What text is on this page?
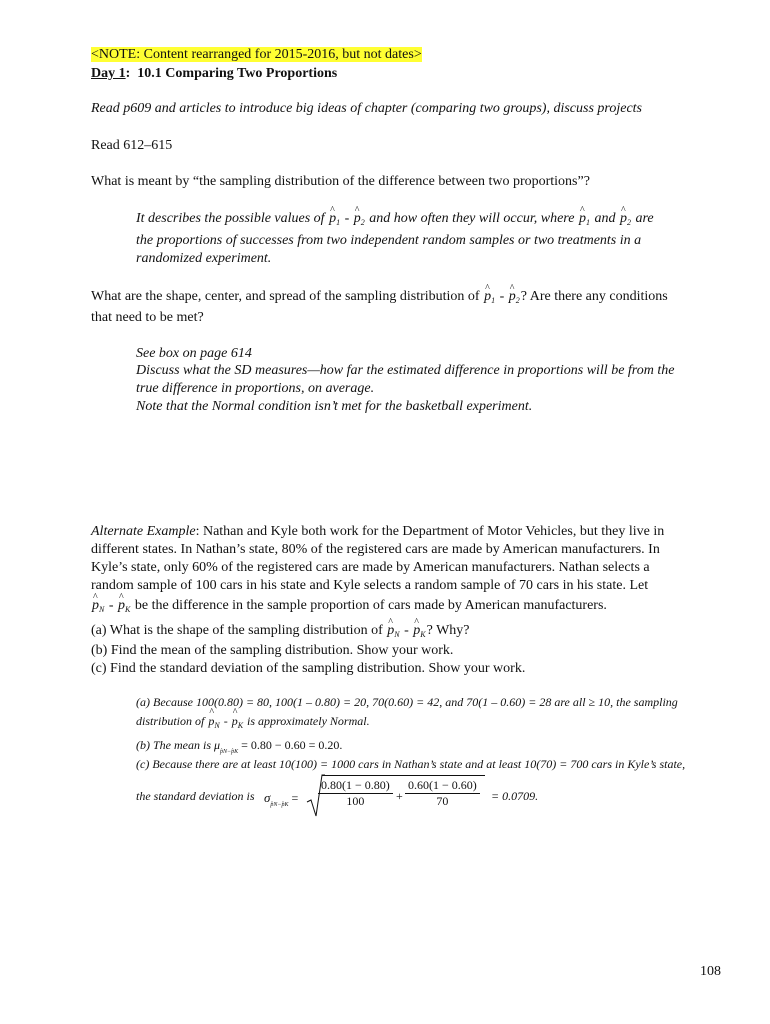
<NOTE: Content rearranged for 2015-2016, but not dates>
Day 1: 10.1 Comparing Two Proportions
Read p609 and articles to introduce big ideas of chapter (comparing two groups), discuss projects
Read 612–615
What is meant by “the sampling distribution of the difference between two proportions”?
It describes the possible values of ^ $p_1$ - ^ $p_2$ and how often they will occur, where ^ $p_1$ and ^ $p_2$ are
the proportions of successes from two independent random samples or two treatments in a
randomized experiment.
What are the shape, center, and spread of the sampling distribution of ^ $p_1$ - ^ $p_2$? Are there any conditions
that need to be met?
See box on page 614
Discuss what the SD measures—how far the estimated difference in proportions will be from the
true difference in proportions, on average.
Note that the Normal condition isn’t met for the basketball experiment.
Alternate Example: Nathan and Kyle both work for the Department of Motor Vehicles, but they live in
different states. In Nathan’s state, 80% of the registered cars are made by American manufacturers. In
Kyle’s state, only 60% of the registered cars are made by American manufacturers. Nathan selects a
random sample of 100 cars in his state and Kyle selects a random sample of 70 cars in his state. Let
^ $p_N$ - ^ $p_K$ be the difference in the sample proportion of cars made by American manufacturers.
(a) What is the shape of the sampling distribution of ^ $p_N$ - ^ $p_K$? Why?
(b) Find the mean of the sampling distribution. Show your work.
(c) Find the standard deviation of the sampling distribution. Show your work.
(a) Because 100(0.80) = 80, 100(1 – 0.80) = 20, 70(0.60) = 42, and 70(1 – 0.60) = 28 are all ≥ 10, the sampling
distribution of ^ $p_N$ - ^ $p_K$ is approximately Normal.
(b) The mean is $\mu_{p̂N-p̂K} = 0.80 - 0.60 = 0.20$.
(c) Because there are at least 10(100) = 1000 cars in Nathan’s state and at least 10(70) = 700 cars in Kyle’s state,
the standard deviation is $\sigma_{p̂N-p̂K} = \frac{0.80(1 - 0.80)}{100} + \frac{0.60(1 - 0.60)}{70} = 0.0709$.
108
